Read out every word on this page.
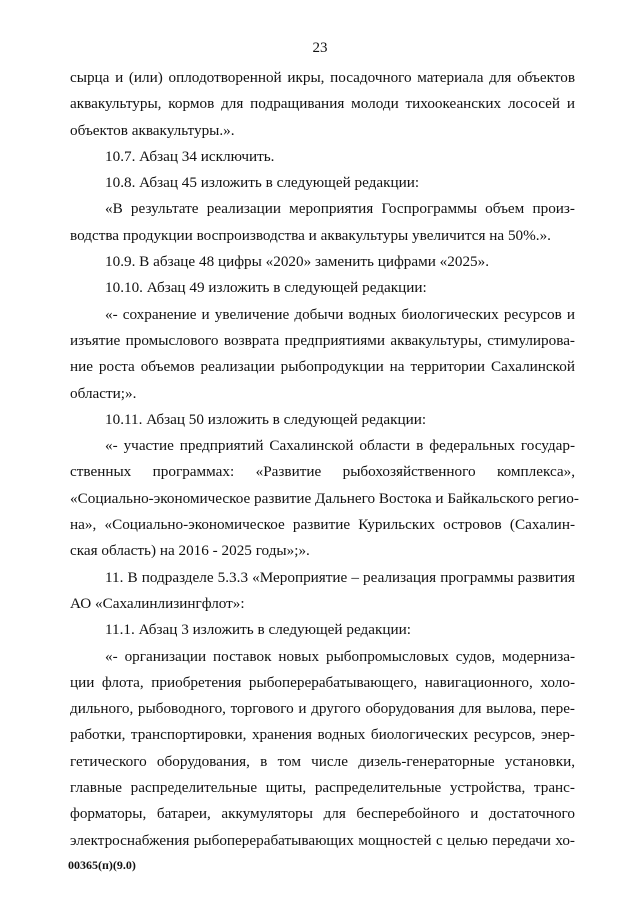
23
сырца и (или) оплодотворенной икры, посадочного материала для объектов
аквакультуры, кормов для подращивания молоди тихоокеанских лососей и
объектов аквакультуры.».
10.7. Абзац 34 исключить.
10.8. Абзац 45 изложить в следующей редакции:
«В результате реализации мероприятия Госпрограммы объем произ-
водства продукции воспроизводства и аквакультуры увеличится на 50%.».
10.9. В абзаце 48 цифры «2020» заменить цифрами «2025».
10.10. Абзац 49 изложить в следующей редакции:
«- сохранение и увеличение добычи водных биологических ресурсов и
изъятие промыслового возврата предприятиями аквакультуры, стимулирова-
ние роста объемов реализации рыбопродукции на территории Сахалинской
области;».
10.11. Абзац 50 изложить в следующей редакции:
«- участие предприятий Сахалинской области в федеральных государ-
ственных программах: «Развитие рыбохозяйственного комплекса»,
«Социально-экономическое развитие Дальнего Востока и Байкальского регио-
на», «Социально-экономическое развитие Курильских островов (Сахалин-
ская область) на 2016 - 2025 годы»;».
11. В подразделе 5.3.3 «Мероприятие – реализация программы развития
АО «Сахалинлизингфлот»:
11.1. Абзац 3 изложить в следующей редакции:
«- организации поставок новых рыбопромысловых судов, модерниза-
ции флота, приобретения рыбоперерабатывающего, навигационного, холо-
дильного, рыбоводного, торгового и другого оборудования для вылова, пере-
работки, транспортировки, хранения водных биологических ресурсов, энер-
гетического оборудования, в том числе дизель-генераторные установки,
главные распределительные щиты, распределительные устройства, транс-
форматоры, батареи, аккумуляторы для бесперебойного и достаточного
электроснабжения рыбоперерабатывающих мощностей с целью передачи хо-
00365(п)(9.0)
